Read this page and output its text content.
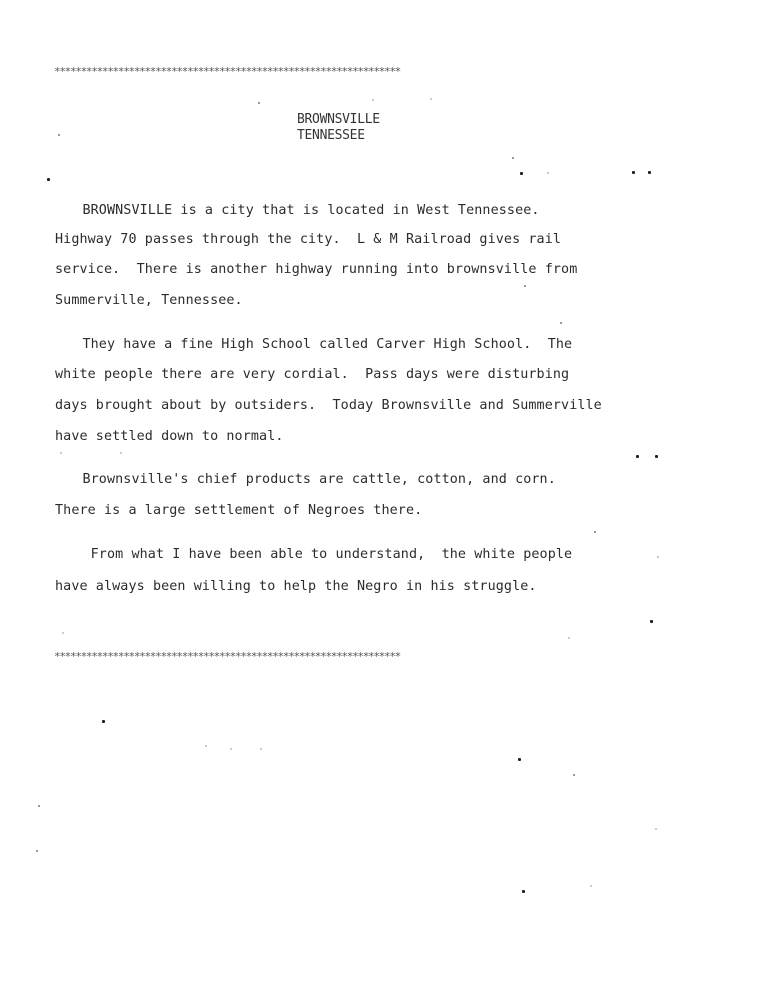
*****************************************************************
BROWNSVILLE
TENNESSEE
BROWNSVILLE is a city that is located in West Tennessee.
Highway 70 passes through the city.  L & M Railroad gives rail
service.  There is another highway running into brownsville from
Summerville, Tennessee.
They have a fine High School called Carver High School.  The
white people there are very cordial.  Pass days were disturbing
days brought about by outsiders.  Today Brownsville and Summerville
have settled down to normal.
Brownsville's chief products are cattle, cotton, and corn.
There is a large settlement of Negroes there.
From what I have been able to understand,  the white people
have always been willing to help the Negro in his struggle.
*****************************************************************
